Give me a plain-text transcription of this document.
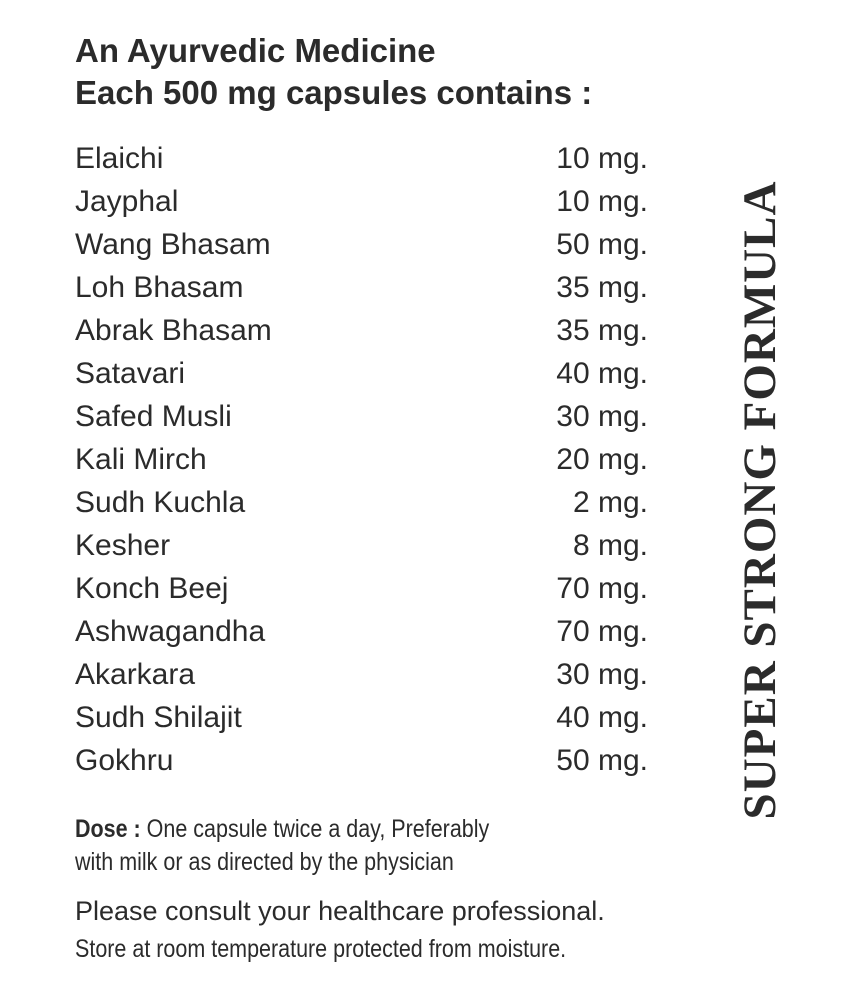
An Ayurvedic Medicine
Each 500 mg capsules contains :
Elaichi	10 mg.
Jayphal	10 mg.
Wang Bhasam	50 mg.
Loh Bhasam	35 mg.
Abrak Bhasam	35 mg.
Satavari	40 mg.
Safed Musli	30 mg.
Kali Mirch	20 mg.
Sudh Kuchla	2 mg.
Kesher	8 mg.
Konch Beej	70 mg.
Ashwagandha	70 mg.
Akarkara	30 mg.
Sudh Shilajit	40 mg.
Gokhru	50 mg. SUPER STRONG FORMULA
Dose : One capsule twice a day, Preferably
with milk or as directed by the physician
Please consult your healthcare professional.
Store at room temperature protected from moisture.
